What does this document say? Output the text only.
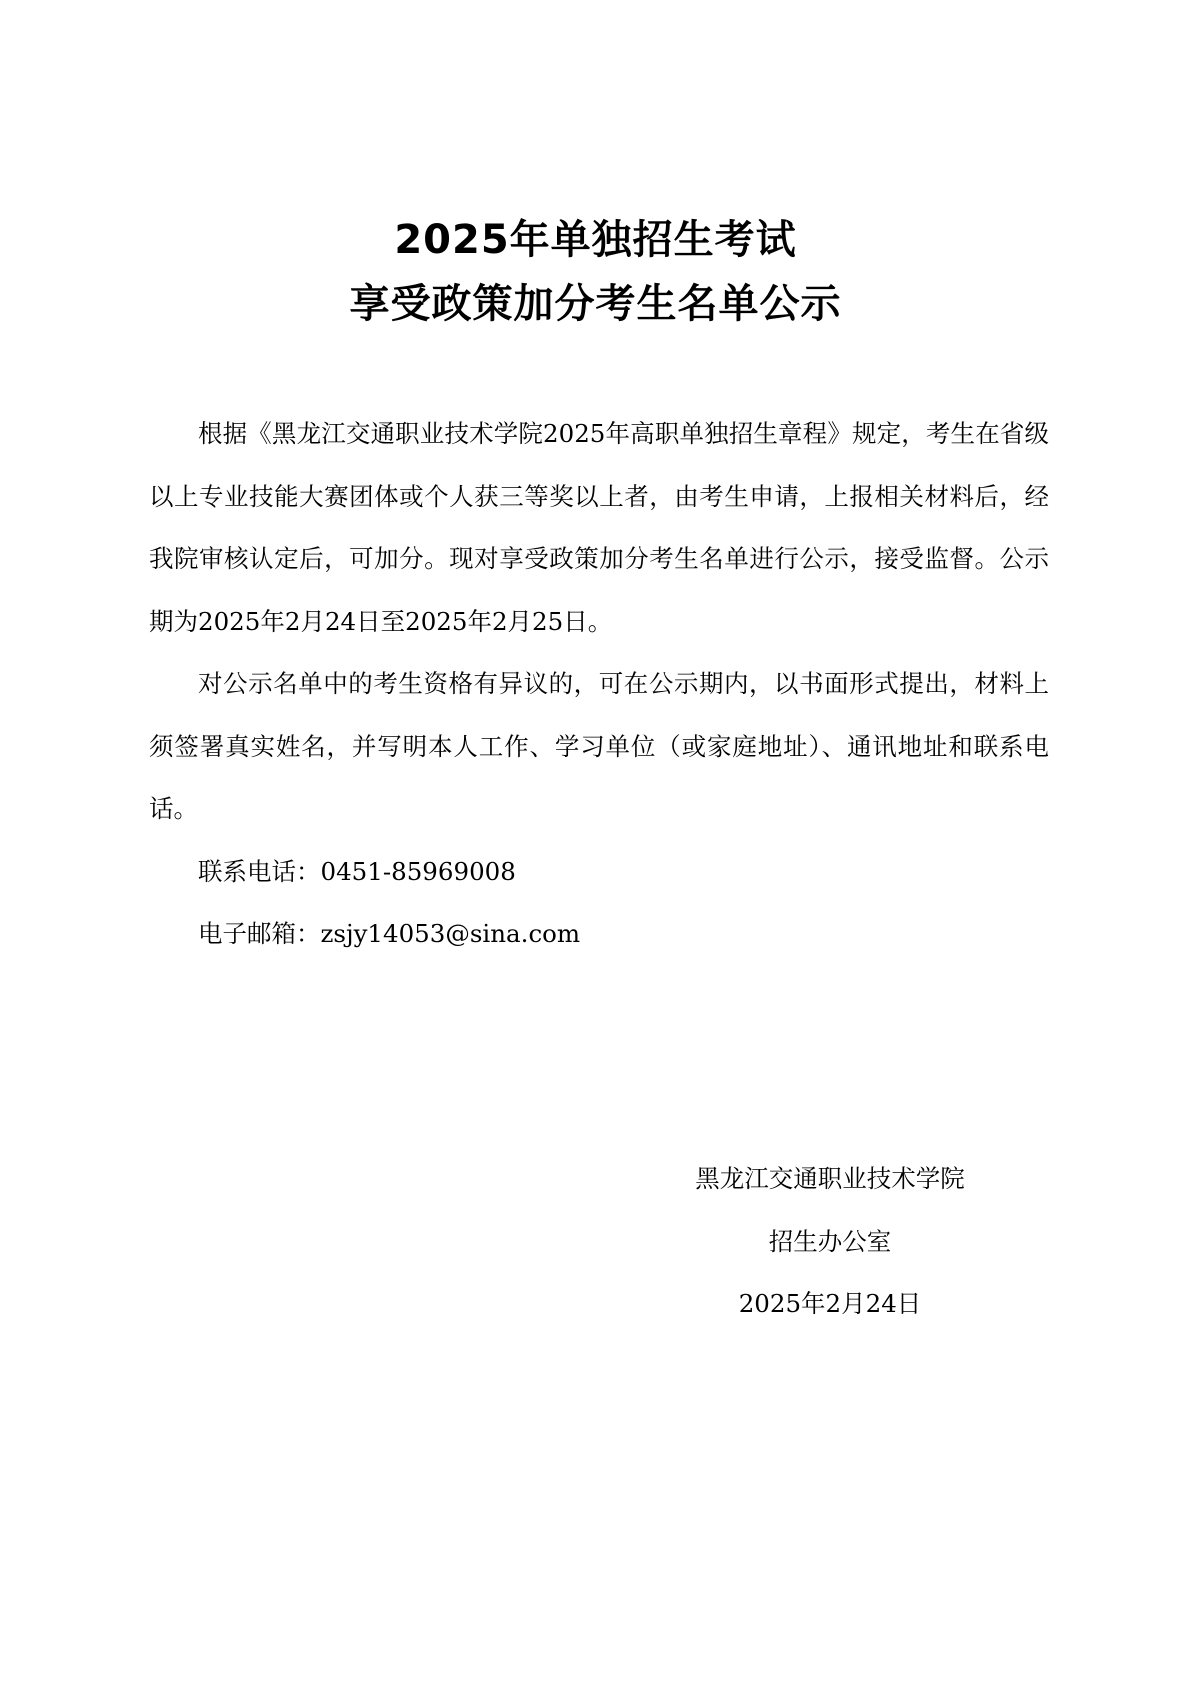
2025年单独招生考试
享受政策加分考生名单公示

根据《黑龙江交通职业技术学院2025年高职单独招生章程》规定，考生在省级以上专业技能大赛团体或个人获三等奖以上者，由考生申请，上报相关材料后，经我院审核认定后，可加分。现对享受政策加分考生名单进行公示，接受监督。公示期为2025年2月24日至2025年2月25日。

对公示名单中的考生资格有异议的，可在公示期内，以书面形式提出，材料上须签署真实姓名，并写明本人工作、学习单位（或家庭地址）、通讯地址和联系电话。

联系电话：0451-85969008

电子邮箱：zsjy14053@sina.com

黑龙江交通职业技术学院
招生办公室
2025年2月24日
